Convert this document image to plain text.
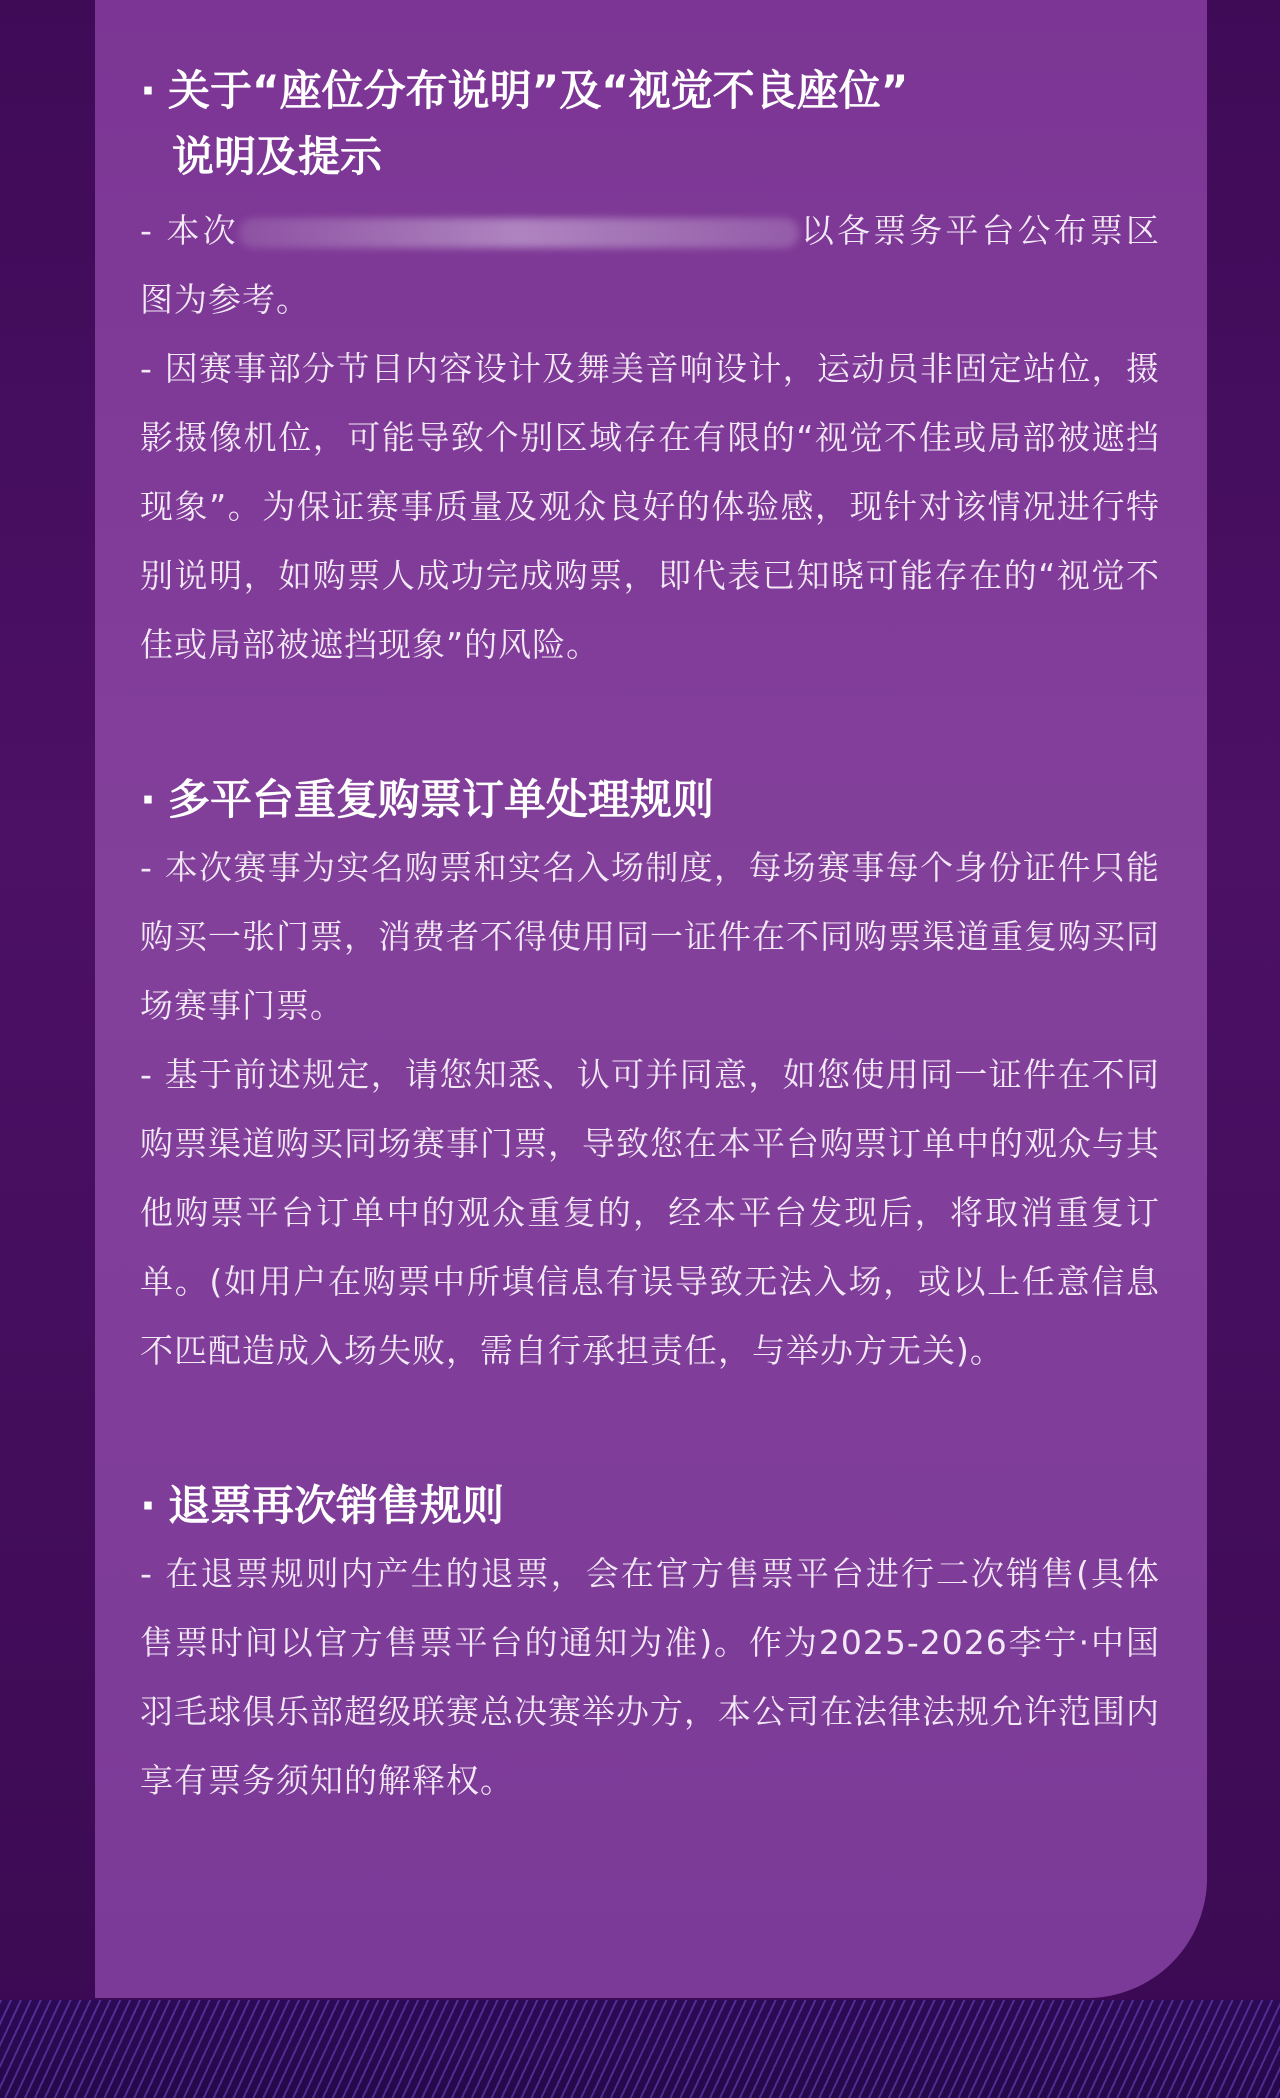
· 关于“座位分布说明”及“视觉不良座位”
说明及提示

- 本次	以各票务平台公布票区图为参考。

- 因赛事部分节目内容设计及舞美音响设计，运动员非固定站位，摄影摄像机位，可能导致个别区域存在有限的“视觉不佳或局部被遮挡现象”。为保证赛事质量及观众良好的体验感，现针对该情况进行特别说明，如购票人成功完成购票，即代表已知晓可能存在的“视觉不佳或局部被遮挡现象”的风险。

· 多平台重复购票订单处理规则

- 本次赛事为实名购票和实名入场制度，每场赛事每个身份证件只能购买一张门票，消费者不得使用同一证件在不同购票渠道重复购买同场赛事门票。

- 基于前述规定，请您知悉、认可并同意，如您使用同一证件在不同购票渠道购买同场赛事门票，导致您在本平台购票订单中的观众与其他购票平台订单中的观众重复的，经本平台发现后，将取消重复订单。(如用户在购票中所填信息有误导致无法入场，或以上任意信息不匹配造成入场失败，需自行承担责任，与举办方无关)。

· 退票再次销售规则

- 在退票规则内产生的退票，会在官方售票平台进行二次销售(具体售票时间以官方售票平台的通知为准)。作为2025-2026李宁·中国羽毛球俱乐部超级联赛总决赛举办方，本公司在法律法规允许范围内享有票务须知的解释权。
